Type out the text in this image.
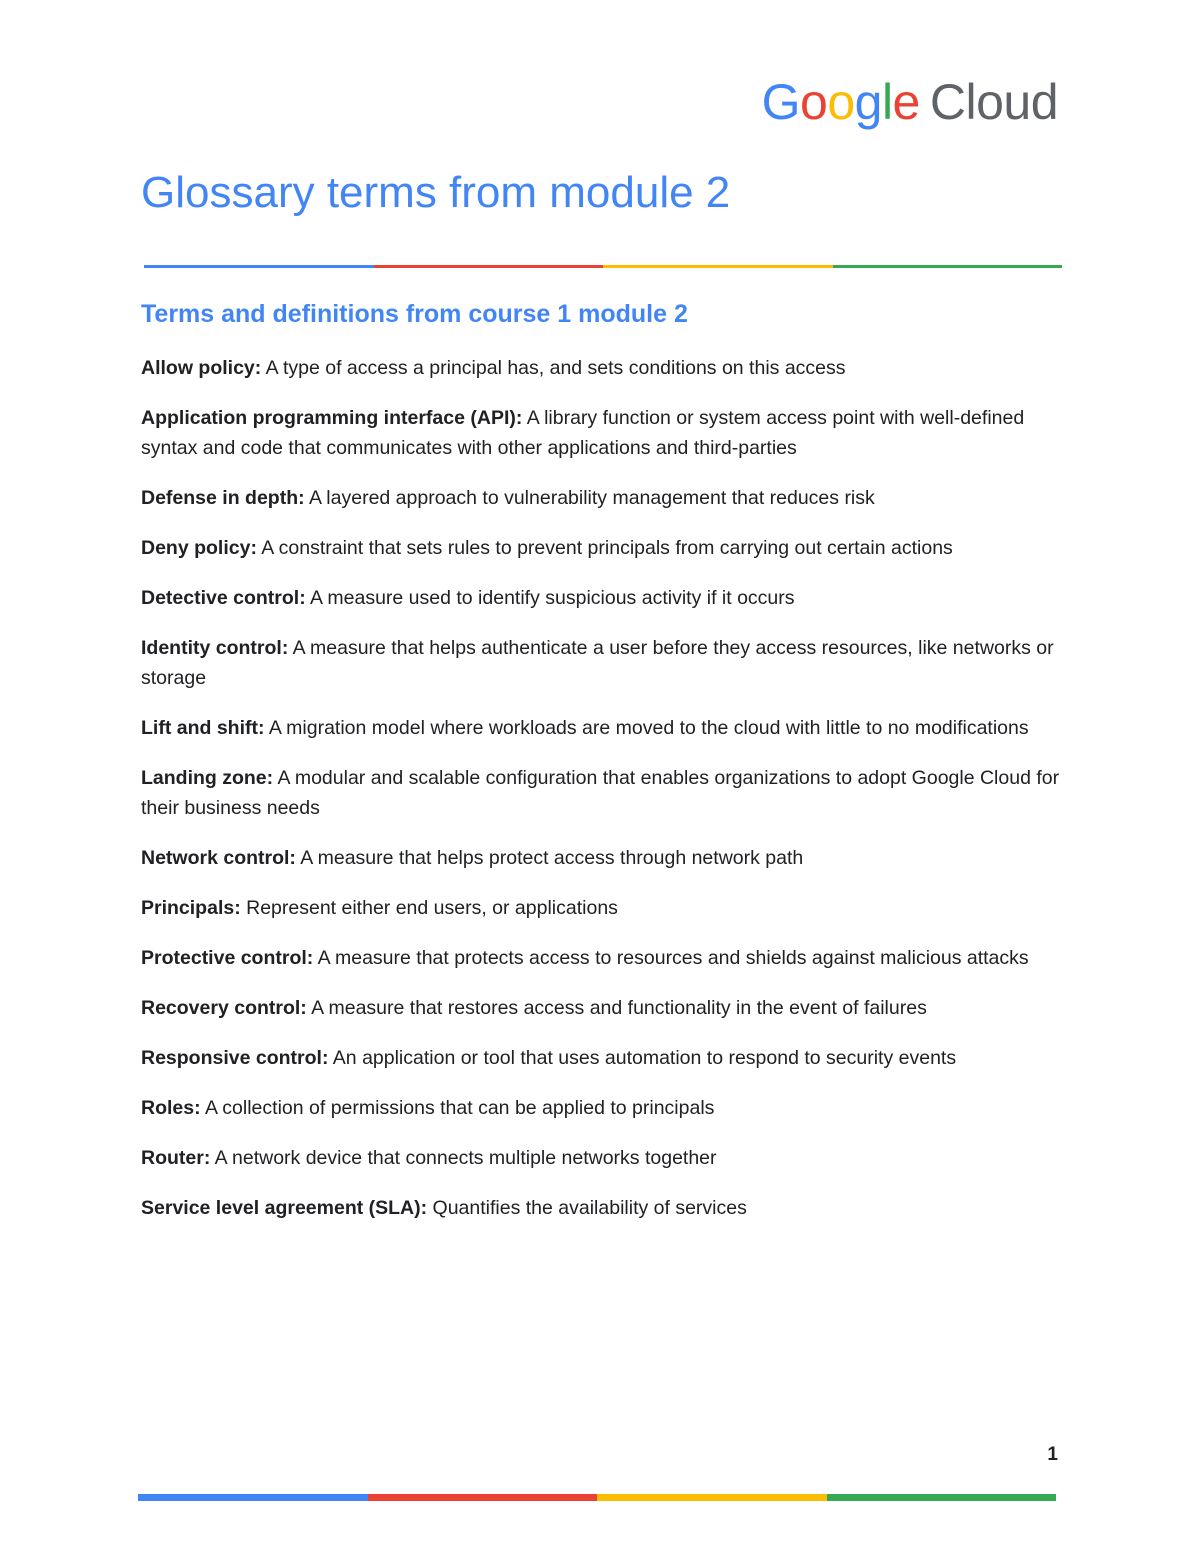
Google Cloud
Glossary terms from module 2
Terms and definitions from course 1 module 2
Allow policy: A type of access a principal has, and sets conditions on this access
Application programming interface (API): A library function or system access point with well-defined syntax and code that communicates with other applications and third-parties
Defense in depth: A layered approach to vulnerability management that reduces risk
Deny policy: A constraint that sets rules to prevent principals from carrying out certain actions
Detective control: A measure used to identify suspicious activity if it occurs
Identity control: A measure that helps authenticate a user before they access resources, like networks or storage
Lift and shift: A migration model where workloads are moved to the cloud with little to no modifications
Landing zone: A modular and scalable configuration that enables organizations to adopt Google Cloud for their business needs
Network control: A measure that helps protect access through network path
Principals: Represent either end users, or applications
Protective control: A measure that protects access to resources and shields against malicious attacks
Recovery control: A measure that restores access and functionality in the event of failures
Responsive control: An application or tool that uses automation to respond to security events
Roles: A collection of permissions that can be applied to principals
Router: A network device that connects multiple networks together
Service level agreement (SLA): Quantifies the availability of services
1
